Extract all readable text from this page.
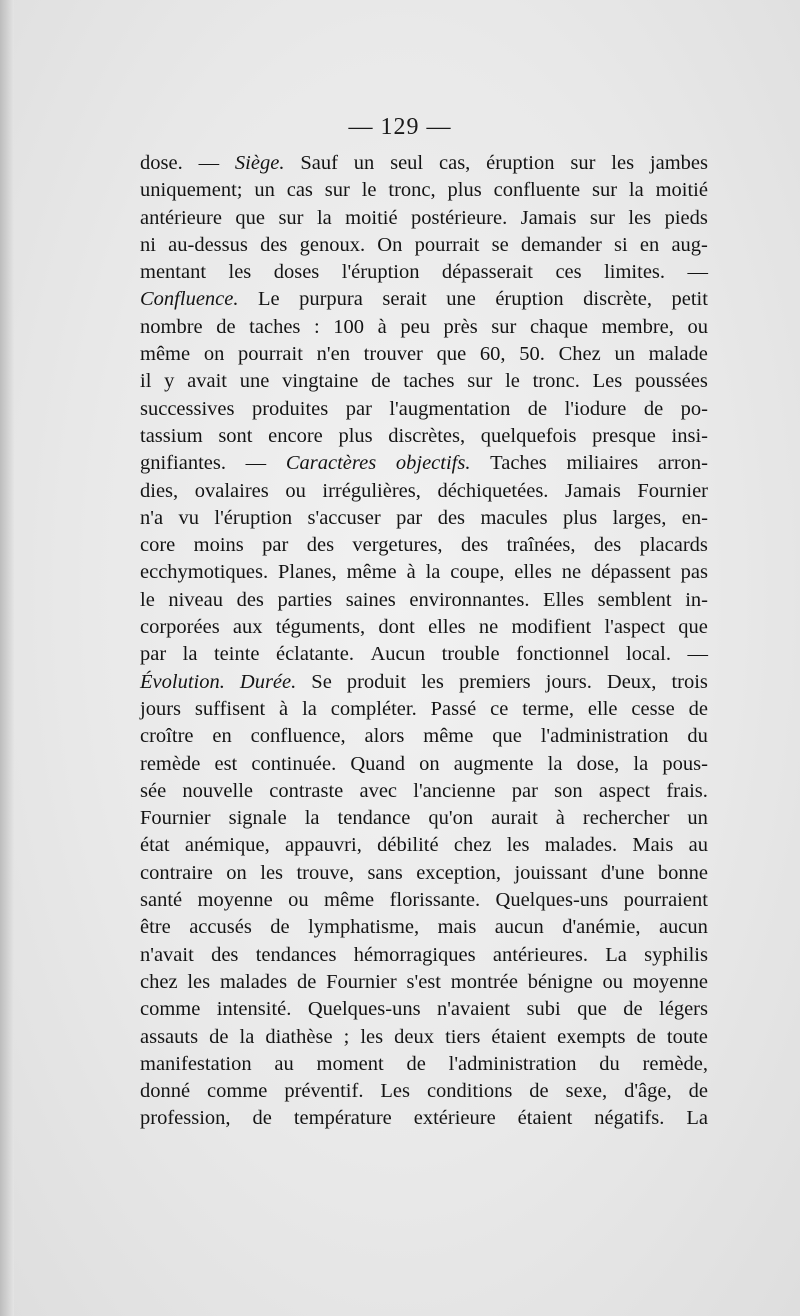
— 129 —
dose. — Siège. Sauf un seul cas, éruption sur les jambes
uniquement; un cas sur le tronc, plus confluente sur la moitié
antérieure que sur la moitié postérieure. Jamais sur les pieds
ni au-dessus des genoux. On pourrait se demander si en aug-
mentant les doses l'éruption dépasserait ces limites. —
Confluence. Le purpura serait une éruption discrète, petit
nombre de taches : 100 à peu près sur chaque membre, ou
même on pourrait n'en trouver que 60, 50. Chez un malade
il y avait une vingtaine de taches sur le tronc. Les poussées
successives produites par l'augmentation de l'iodure de po-
tassium sont encore plus discrètes, quelquefois presque insi-
gnifiantes. — Caractères objectifs. Taches miliaires arron-
dies, ovalaires ou irrégulières, déchiquetées. Jamais Fournier
n'a vu l'éruption s'accuser par des macules plus larges, en-
core moins par des vergetures, des traînées, des placards
ecchymotiques. Planes, même à la coupe, elles ne dépassent pas
le niveau des parties saines environnantes. Elles semblent in-
corporées aux téguments, dont elles ne modifient l'aspect que
par la teinte éclatante. Aucun trouble fonctionnel local. —
Évolution. Durée. Se produit les premiers jours. Deux, trois
jours suffisent à la compléter. Passé ce terme, elle cesse de
croître en confluence, alors même que l'administration du
remède est continuée. Quand on augmente la dose, la pous-
sée nouvelle contraste avec l'ancienne par son aspect frais.
Fournier signale la tendance qu'on aurait à rechercher un
état anémique, appauvri, débilité chez les malades. Mais au
contraire on les trouve, sans exception, jouissant d'une bonne
santé moyenne ou même florissante. Quelques-uns pourraient
être accusés de lymphatisme, mais aucun d'anémie, aucun
n'avait des tendances hémorragiques antérieures. La syphilis
chez les malades de Fournier s'est montrée bénigne ou moyenne
comme intensité. Quelques-uns n'avaient subi que de légers
assauts de la diathèse ; les deux tiers étaient exempts de toute
manifestation au moment de l'administration du remède,
donné comme préventif. Les conditions de sexe, d'âge, de
profession, de température extérieure étaient négatifs. La
